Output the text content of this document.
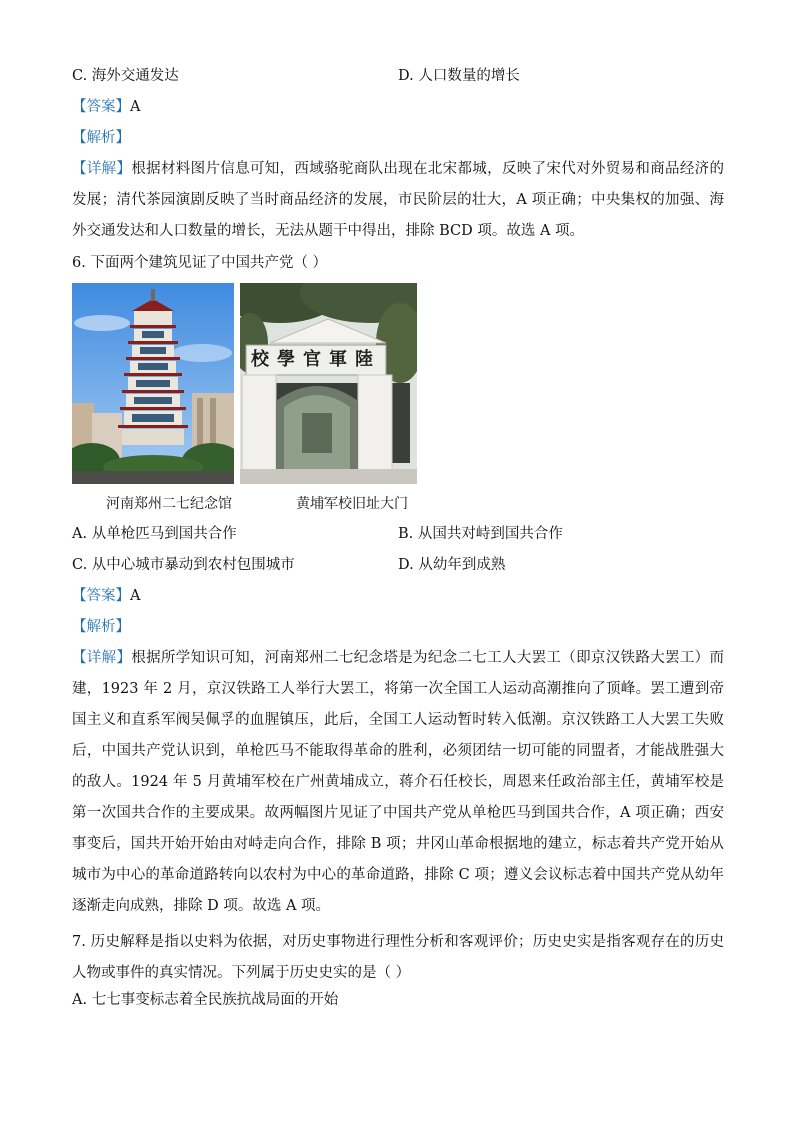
C. 海外交通发达	D. 人口数量的增长
【答案】A
【解析】
【详解】根据材料图片信息可知，西域骆驼商队出现在北宋都城，反映了宋代对外贸易和商品经济的发展；清代茶园演剧反映了当时商品经济的发展，市民阶层的壮大，A 项正确；中央集权的加强、海外交通发达和人口数量的增长，无法从题干中得出，排除 BCD 项。故选 A 项。
6. 下面两个建筑见证了中国共产党（ ）
陸軍官學校
河南郑州二七纪念馆	黄埔军校旧址大门
A. 从单枪匹马到国共合作	B. 从国共对峙到国共合作
C. 从中心城市暴动到农村包围城市	D. 从幼年到成熟
【答案】A
【解析】
【详解】根据所学知识可知，河南郑州二七纪念塔是为纪念二七工人大罢工（即京汉铁路大罢工）而建，1923 年 2 月，京汉铁路工人举行大罢工，将第一次全国工人运动高潮推向了顶峰。罢工遭到帝国主义和直系军阀吴佩孚的血腥镇压，此后，全国工人运动暂时转入低潮。京汉铁路工人大罢工失败后，中国共产党认识到，单枪匹马不能取得革命的胜利，必须团结一切可能的同盟者，才能战胜强大的敌人。1924 年 5 月黄埔军校在广州黄埔成立，蒋介石任校长，周恩来任政治部主任，黄埔军校是第一次国共合作的主要成果。故两幅图片见证了中国共产党从单枪匹马到国共合作，A 项正确；西安事变后，国共开始开始由对峙走向合作，排除 B 项；井冈山革命根据地的建立，标志着共产党开始从城市为中心的革命道路转向以农村为中心的革命道路，排除 C 项；遵义会议标志着中国共产党从幼年逐渐走向成熟，排除 D 项。故选 A 项。
7. 历史解释是指以史料为依据，对历史事物进行理性分析和客观评价；历史史实是指客观存在的历史人物或事件的真实情况。下列属于历史史实的是（ ）
A. 七七事变标志着全民族抗战局面的开始
